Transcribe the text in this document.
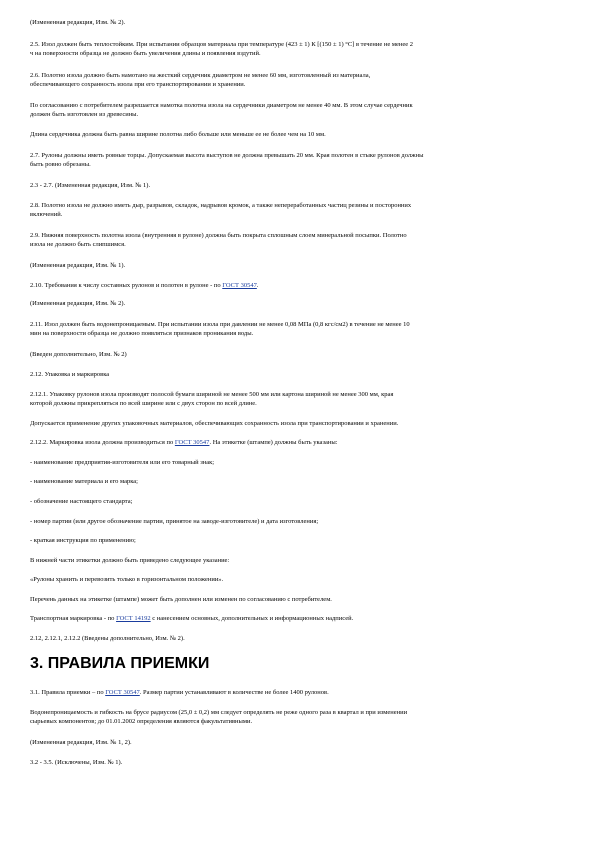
(Измененная редакция, Изм. № 2).

2.5. Изол должен быть теплостойким. При испытании образцов материала при температуре (423 ± 1) К [(150 ± 1) °С] в течение не менее 2
ч на поверхности образца не должно быть увеличения длины и появления вздутий.

2.6. Полотно изола должно быть намотано на жесткий сердечник диаметром не менее 60 мм, изготовленный из материала,
обеспечивающего сохранность изола при его транспортировании и хранении.

По согласованию с потребителем разрешается намотка полотна изола на сердечники диаметром не менее 40 мм. В этом случае сердечник
должен быть изготовлен из древесины.

Длина сердечника должна быть равна ширине полотна либо больше или меньше ее не более чем на 10 мм.

2.7. Рулоны должны иметь ровные торцы. Допускаемая высота выступов не должна превышать 20 мм. Края полотен в стыке рулонов должны
быть ровно обрезаны.

2.3 - 2.7. (Измененная редакция, Изм. № 1).

2.8. Полотно изола не должно иметь дыр, разрывов, складок, надрывов кромок, а также непереработанных частиц резины и посторонних
включений.

2.9. Нижняя поверхность полотна изола (внутренняя в рулоне) должна быть покрыта сплошным слоем минеральной посыпки. Полотно
изола не должно быть слипшимся.

(Измененная редакция, Изм. № 1).

2.10. Требования к числу составных рулонов и полотен в рулоне - по ГОСТ 30547.

(Измененная редакция, Изм. № 2).

2.11. Изол должен быть водонепроницаемым. При испытании изола при давлении не менее 0,08 МПа (0,8 кгс/см2) в течение не менее 10
мин на поверхности образца не должно появляться признаков проникания воды.

(Введен дополнительно, Изм. № 2)

2.12. Упаковка и маркировка

2.12.1. Упаковку рулонов изола производят полосой бумаги шириной не менее 500 мм или картона шириной не менее 300 мм, края
которой должны прикрепляться по всей ширине или с двух сторон по всей длине.

Допускается применение других упаковочных материалов, обеспечивающих сохранность изола при транспортировании и хранении.

2.12.2. Маркировка изола должна производиться по ГОСТ 30547. На этикетке (штампе) должны быть указаны:

- наименование предприятия-изготовителя или его товарный знак;

- наименование материала и его марка;

- обозначение настоящего стандарта;

- номер партии (или другое обозначение партии, принятое на заводе-изготовителе) и дата изготовления;

- краткая инструкция по применению;

В нижней части этикетки должно быть приведено следующее указание:

«Рулоны хранить и перевозить только в горизонтальном положении».

Перечень данных на этикетке (штампе) может быть дополнен или изменен по согласованию с потребителем.

Транспортная маркировка - по ГОСТ 14192 с нанесением основных, дополнительных и информационных надписей.

2.12, 2.12.1, 2.12.2 (Введены дополнительно, Изм. № 2).

3. ПРАВИЛА ПРИЕМКИ

3.1. Правила приемки – по ГОСТ 30547. Размер партии устанавливают в количестве не более 1400 рулонов.

Водонепроницаемость и гибкость на брусе радиусом (25,0 ± 0,2) мм следует определять не реже одного раза в квартал и при изменении
сырьевых компонентов; до 01.01.2002 определения являются факультативными.

(Измененная редакция, Изм. № 1, 2).

3.2 - 3.5. (Исключены, Изм. № 1).
